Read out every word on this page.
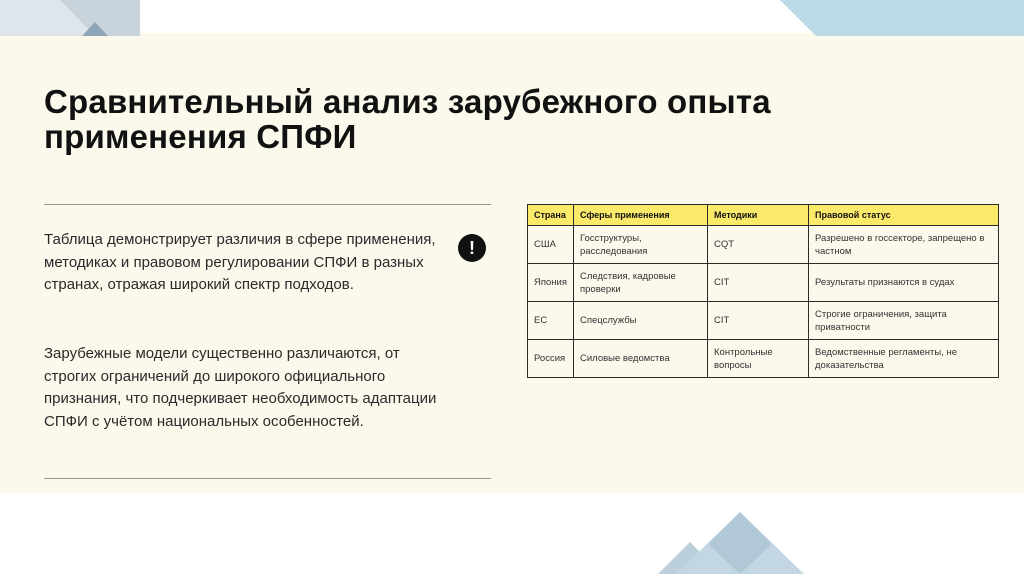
Сравнительный анализ зарубежного опыта применения СПФИ

Таблица демонстрирует различия в сфере применения, методиках и правовом регулировании СПФИ в разных странах, отражая широкий спектр подходов.

Зарубежные модели существенно различаются, от строгих ограничений до широкого официального признания, что подчеркивает необходимость адаптации СПФИ с учётом национальных особенностей.

!
Страна	Сферы применения	Методики	Правовой статус
США	Госструктуры, расследования	CQT	Разрешено в госсекторе, запрещено в частном
Япония	Следствия, кадровые проверки	CIT	Результаты признаются в судах
ЕС	Спецслужбы	CIT	Строгие ограничения, защита приватности
Россия	Силовые ведомства	Контрольные вопросы	Ведомственные регламенты, не доказательства
